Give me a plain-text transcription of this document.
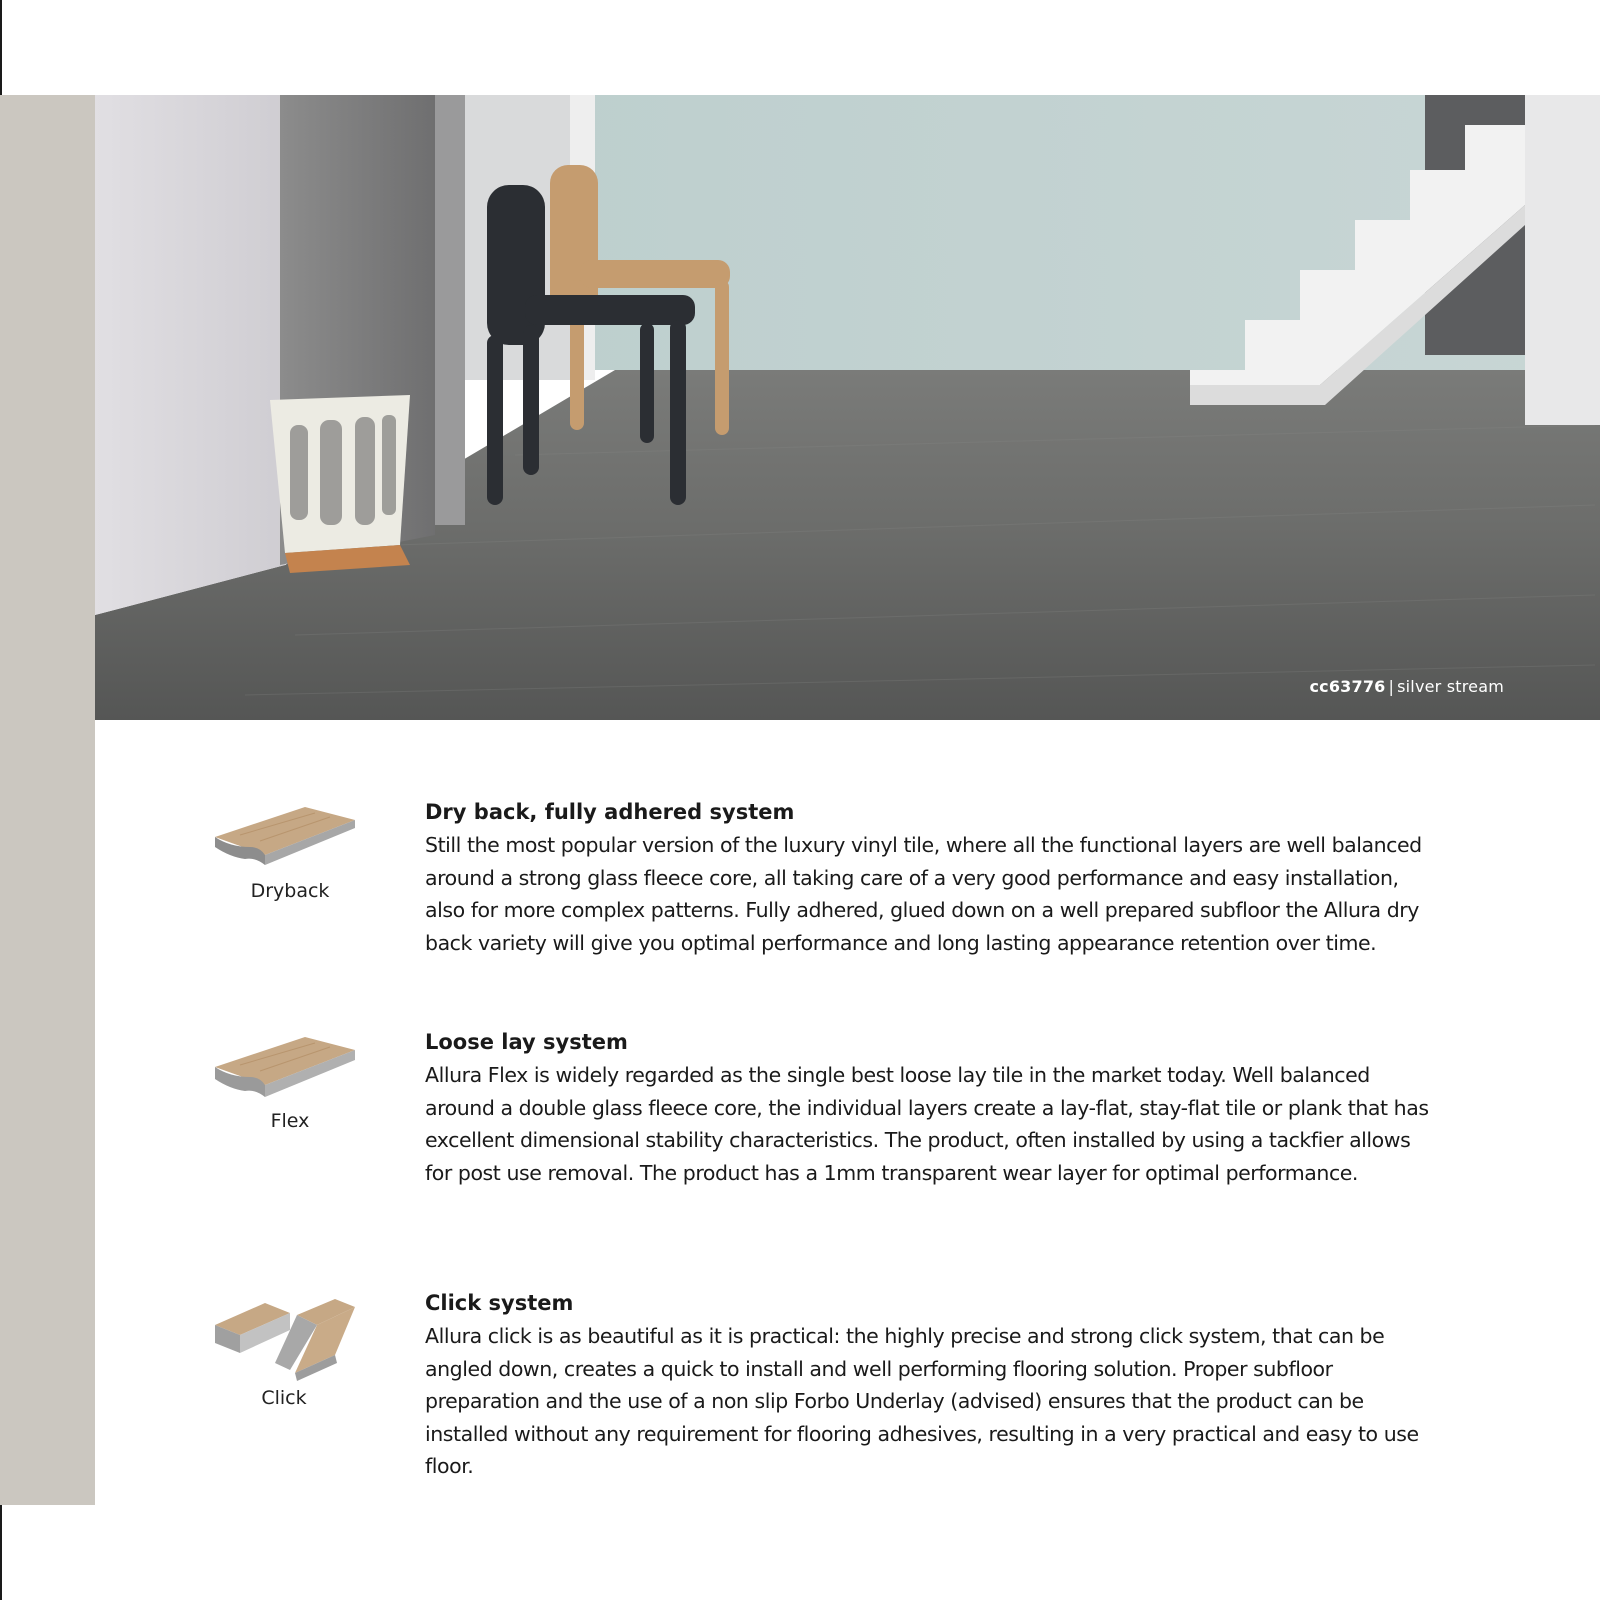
cc63776 | silver stream
Dryback
Dry back, fully adhered system

Still the most popular version of the luxury vinyl tile, where all the functional layers are well balanced around a strong glass fleece core, all taking care of a very good performance and easy installation, also for more complex patterns. Fully adhered, glued down on a well prepared subfloor the Allura dry back variety will give you optimal performance and long lasting appearance retention over time.

Flex
Loose lay system

Allura Flex is widely regarded as the single best loose lay tile in the market today. Well balanced around a double glass fleece core, the individual layers create a lay-flat, stay-flat tile or plank that has excellent dimensional stability characteristics. The product, often installed by using a tackfier allows for post use removal. The product has a 1mm transparent wear layer for optimal performance.

Click
Click system

Allura click is as beautiful as it is practical: the highly precise and strong click system, that can be angled down, creates a quick to install and well performing flooring solution. Proper subfloor preparation and the use of a non slip Forbo Underlay (advised) ensures that the product can be installed without any requirement for flooring adhesives, resulting in a very practical and easy to use floor.
